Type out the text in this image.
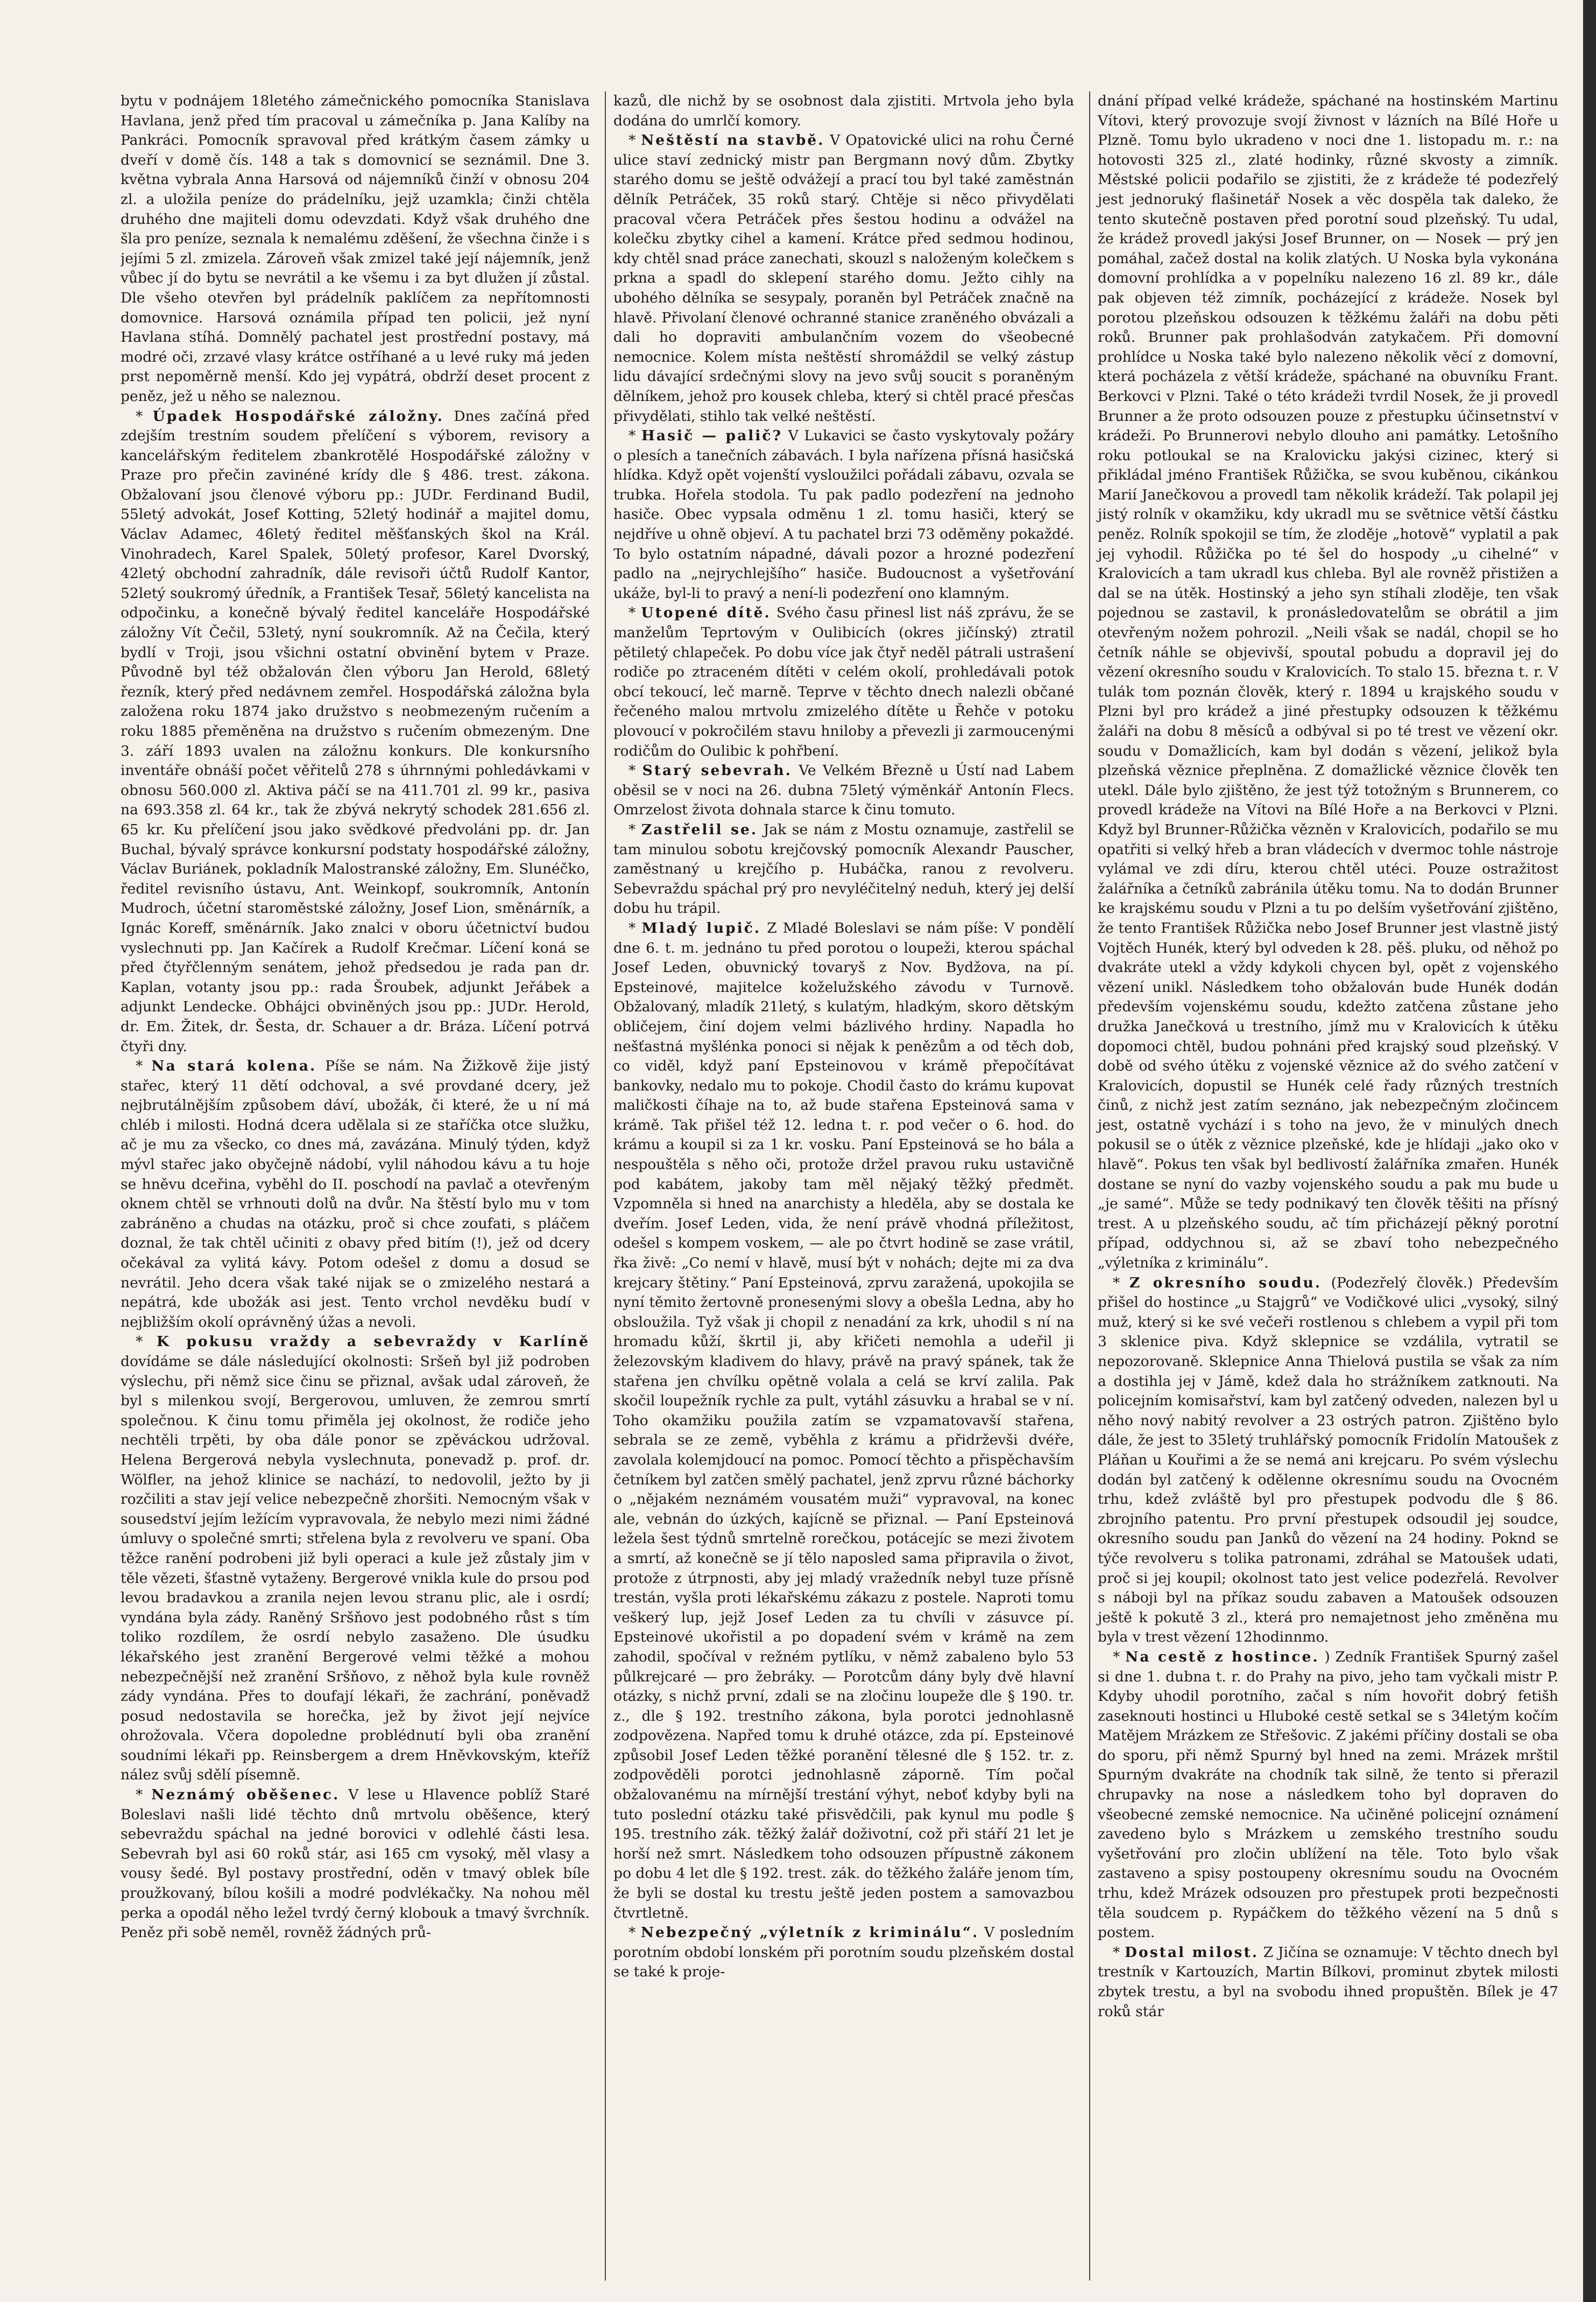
bytu v podnájem 18letého zámečnického pomocníka Stanislava Havlana, jenž před tím pracoval u zámečníka p. Jana Kalíby na Pankráci. Pomocník spravoval před krátkým časem zámky u dveří v domě čís. 148 a tak s domovnicí se seznámil. Dne 3. května vybrala Anna Harsová od nájemníků činží v obnosu 204 zl. a uložila peníze do prádelníku, jejž uzamkla; činži chtěla druhého dne majiteli domu odevzdati. Když však druhého dne šla pro peníze, seznala k nemalému zděšení, že všechna činže i s jejími 5 zl. zmizela. Zároveň však zmizel také její nájemník, jenž vůbec jí do bytu se nevrátil a ke všemu i za byt dlužen jí zůstal. Dle všeho otevřen byl prádelník paklíčem za nepřítomnosti domovnice. Harsová oznámila případ ten policii, jež nyní Havlana stíhá. Domnělý pachatel jest prostřední postavy, má modré oči, zrzavé vlasy krátce ostříhané a u levé ruky má jeden prst nepoměrně menší. Kdo jej vypátrá, obdrží deset procent z peněz, jež u něho se naleznou.

* Úpadek Hospodářské záložny. Dnes začíná před zdejším trestním soudem přelíčení s výborem, revisory a kancelářským ředitelem zbankrotělé Hospodářské záložny v Praze pro přečin zavinéné krídy dle § 486. trest. zákona. Obžalovaní jsou členové výboru pp.: JUDr. Ferdinand Budil, 55letý advokát, Josef Kotting, 52letý hodinář a majitel domu, Václav Adamec, 46letý ředitel měšťanských škol na Král. Vinohradech, Karel Spalek, 50letý profesor, Karel Dvorský, 42letý obchodní zahradník, dále revisoři účtů Rudolf Kantor, 52letý soukromý úředník, a František Tesař, 56letý kancelista na odpočinku, a konečně bývalý ředitel kanceláře Hospodářské záložny Vít Čečil, 53letý, nyní soukromník. Až na Čečila, který bydlí v Troji, jsou všichni ostatní obvinění bytem v Praze. Původně byl též obžalován člen výboru Jan Herold, 68letý řezník, který před nedávnem zemřel. Hospodářská záložna byla založena roku 1874 jako družstvo s neobmezeným ručením a roku 1885 přeměněna na družstvo s ručením obmezeným. Dne 3. září 1893 uvalen na záložnu konkurs. Dle konkursního inventáře obnáší počet věřitelů 278 s úhrnnými pohledávkami v obnosu 560.000 zl. Aktiva páčí se na 411.701 zl. 99 kr., pasiva na 693.358 zl. 64 kr., tak že zbývá nekrytý schodek 281.656 zl. 65 kr. Ku přelíčení jsou jako svědkové předvoláni pp. dr. Jan Buchal, bývalý správce konkursní podstaty hospodářské záložny, Václav Buriánek, pokladník Malostranské záložny, Em. Slunéčko, ředitel revisního ústavu, Ant. Weinkopf, soukromník, Antonín Mudroch, účetní staroměstské záložny, Josef Lion, směnárník, a Ignác Koreff, směnárník. Jako znalci v oboru účetnictví budou vyslechnuti pp. Jan Kačírek a Rudolf Krečmar. Líčení koná se před čtyřčlenným senátem, jehož předsedou je rada pan dr. Kaplan, votanty jsou pp.: rada Šroubek, adjunkt Jeřábek a adjunkt Lendecke. Obhájci obviněných jsou pp.: JUDr. Herold, dr. Em. Žitek, dr. Šesta, dr. Schauer a dr. Bráza. Líčení potrvá čtyři dny.

* Na stará kolena. Píše se nám. Na Žižkově žije jistý stařec, který 11 dětí odchoval, a své provdané dcery, jež nejbrutálnějším způsobem dáví, ubožák, či které, že u ní má chléb i milosti. Hodná dcera udělala si ze staříčka otce služku, ač je mu za všecko, co dnes má, zavázána. Minulý týden, když mývl stařec jako obyčejně nádobí, vylil náhodou kávu a tu hoje se hněvu dceřina, vyběhl do II. poschodí na pavlač a otevřeným oknem chtěl se vrhnouti dolů na dvůr. Na štěstí bylo mu v tom zabráněno a chudas na otázku, proč si chce zoufati, s pláčem doznal, že tak chtěl učiniti z obavy před bitím (!), jež od dcery očekával za vylitá kávy. Potom odešel z domu a dosud se nevrátil. Jeho dcera však také nijak se o zmizelého nestará a nepátrá, kde ubožák asi jest. Tento vrchol nevděku budí v nejbližším okolí oprávněný úžas a nevoli.

* K pokusu vraždy a sebevraždy v Karlíně dovídáme se dále následující okolnosti: Sršeň byl již podroben výslechu, při němž sice činu se přiznal, avšak udal zároveň, že byl s milenkou svojí, Bergerovou, umluven, že zemrou smrtí společnou. K činu tomu přiměla jej okolnost, že rodiče jeho nechtěli trpěti, by oba dále ponor se zpěváckou udržoval. Helena Bergerová nebyla vyslechnuta, ponevadž p. prof. dr. Wölfler, na jehož klinice se nachází, to nedovolil, ježto by ji rozčiliti a stav její velice nebezpečně zhoršiti. Nemocným však v sousedství jejím ležícím vypravovala, že nebylo mezi nimi žádné úmluvy o společné smrti; střelena byla z revolveru ve spaní. Oba těžce ranění podrobeni již byli operaci a kule jež zůstaly jim v těle vězeti, šťastně vytaženy. Bergerové vnikla kule do prsou pod levou bradavkou a zranila nejen levou stranu plic, ale i osrdí; vyndána byla zády. Raněný Sršňovo jest podobného růst s tím toliko rozdílem, že osrdí nebylo zasaženo. Dle úsudku lékařského jest zranění Bergerové velmi těžké a mohou nebezpečnější než zranění Sršňovo, z něhož byla kule rovněž zády vyndána. Přes to doufají lékaři, že zachrání, poněvadž posud nedostavila se horečka, jež by život její nejvíce ohrožovala. Včera dopoledne problédnutí byli oba zranění soudními lékaři pp. Reinsbergem a drem Hněvkovským, kteříž nález svůj sdělí písemně.

* Neznámý oběšenec. V lese u Hlavence poblíž Staré Boleslavi našli lidé těchto dnů mrtvolu oběšence, který sebevraždu spáchal na jedné borovici v odlehlé části lesa. Sebevrah byl asi 60 roků stár, asi 165 cm vysoký, měl vlasy a vousy šedé. Byl postavy prostřední, oděn v tmavý oblek bíle proužkovaný, bílou košili a modré podvlékačky. Na nohou měl perka a opodál něho ležel tvrdý černý klobouk a tmavý švrchník. Peněz při sobě neměl, rovněž žádných prů-

kazů, dle nichž by se osobnost dala zjistiti. Mrtvola jeho byla dodána do umrlčí komory.

* Neštěstí na stavbě. V Opatovické ulici na rohu Černé ulice staví zednický mistr pan Bergmann nový dům. Zbytky starého domu se ještě odvážejí a prací tou byl také zaměstnán dělník Petráček, 35 roků starý. Chtěje si něco přivydělati pracoval včera Petráček přes šestou hodinu a odvážel na kolečku zbytky cihel a kamení. Krátce před sedmou hodinou, kdy chtěl snad práce zanechati, skouzl s naloženým kolečkem s prkna a spadl do sklepení starého domu. Ježto cihly na ubohého dělníka se sesypaly, poraněn byl Petráček značně na hlavě. Přivolaní členové ochranné stanice zraněného obvázali a dali ho dopraviti ambulančním vozem do všeobecné nemocnice. Kolem místa neštěstí shromáždil se velký zástup lidu dávající srdečnými slovy na jevo svůj soucit s poraněným dělníkem, jehož pro kousek chleba, který si chtěl pracé přesčas přivydělati, stihlo tak velké neštěstí.

* Hasič — palič? V Lukavici se často vyskytovaly požáry o plesích a tanečních zábavách. I byla nařízena přísná hasičská hlídka. Když opět vojenští vysloužilci pořádali zábavu, ozvala se trubka. Hořela stodola. Tu pak padlo podezření na jednoho hasiče. Obec vypsala odměnu 1 zl. tomu hasiči, který se nejdříve u ohně objeví. A tu pachatel brzi 73 oděměny pokaždé. To bylo ostatním nápadné, dávali pozor a hrozné podezření padlo na „nejrychlejšího“ hasiče. Budoucnost a vyšetřování ukáže, byl-li to pravý a není-li podezření ono klamným.

* Utopené dítě. Svého času přinesl list náš zprávu, že se manželům Teprtovým v Oulibicích (okres jičínský) ztratil pětiletý chlapeček. Po dobu více jak čtyř neděl pátrali ustrašení rodiče po ztraceném dítěti v celém okolí, prohledávali potok obcí tekoucí, leč marně. Teprve v těchto dnech nalezli občané řečeného malou mrtvolu zmizelého dítěte u Řehče v potoku plovoucí v pokročilém stavu hniloby a převezli ji zarmoucenými rodičům do Oulibic k pohřbení.

* Starý sebevrah. Ve Velkém Březně u Ústí nad Labem oběsil se v noci na 26. dubna 75letý výměnkář Antonín Flecs. Omrzelost života dohnala starce k činu tomuto.

* Zastřelil se. Jak se nám z Mostu oznamuje, zastřelil se tam minulou sobotu krejčovský pomocník Alexandr Pauscher, zaměstnaný u krejčího p. Hubáčka, ranou z revolveru. Sebevraždu spáchal prý pro nevyléčitelný neduh, který jej delší dobu hu trápil.

* Mladý lupič. Z Mladé Boleslavi se nám píše: V pondělí dne 6. t. m. jednáno tu před porotou o loupeži, kterou spáchal Josef Leden, obuvnický tovaryš z Nov. Bydžova, na pí. Epsteinové, majitelce koželužského závodu v Turnově. Obžalovaný, mladík 21letý, s kulatým, hladkým, skoro dětským obličejem, činí dojem velmi bázlivého hrdiny. Napadla ho nešťastná myšlénka ponoci si nějak k penězům a od těch dob, co viděl, když paní Epsteinovou v krámě přepočítávat bankovky, nedalo mu to pokoje. Chodil často do krámu kupovat maličkosti číhaje na to, až bude stařena Epsteinová sama v krámě. Tak přišel též 12. ledna t. r. pod večer o 6. hod. do krámu a koupil si za 1 kr. vosku. Paní Epsteinová se ho bála a nespouštěla s něho oči, protože držel pravou ruku ustavičně pod kabátem, jakoby tam měl nějaký těžký předmět. Vzpomněla si hned na anarchisty a hleděla, aby se dostala ke dveřím. Josef Leden, vida, že není právě vhodná příležitost, odešel s kompem voskem, — ale po čtvrt hodině se zase vrátil, řka živě: „Co nemí v hlavě, musí být v nohách; dejte mi za dva krejcary štětiny.“ Paní Epsteinová, zprvu zaražená, upokojila se nyní těmito žertovně pronesenými slovy a obešla Ledna, aby ho obsloužila. Tyž však ji chopil z nenadání za krk, uhodil s ní na hromadu kůží, škrtil ji, aby křičeti nemohla a udeřil ji železovským kladivem do hlavy, právě na pravý spánek, tak že stařena jen chvílku opětně volala a celá se krví zalila. Pak skočil loupežník rychle za pult, vytáhl zásuvku a hrabal se v ní. Toho okamžiku použila zatím se vzpamatovavší stařena, sebrala se ze země, vyběhla z krámu a přidrževši dvéře, zavolala kolemjdoucí na pomoc. Pomocí těchto a přispěchavším četníkem byl zatčen smělý pachatel, jenž zprvu různé báchorky o „nějakém neznámém vousatém muži“ vypravoval, na konec ale, vebnán do úzkých, kajícně se přiznal. — Paní Epsteinová ležela šest týdnů smrtelně rorečkou, potácejíc se mezi životem a smrtí, až konečně se jí tělo naposled sama připravila o život, protože z útrpnosti, aby jej mladý vražedník nebyl tuze přísně trestán, vyšla proti lékařskému zákazu z postele. Naproti tomu veškerý lup, jejž Josef Leden za tu chvíli v zásuvce pí. Epsteinové ukořistil a po dopadení svém v krámě na zem zahodil, spočíval v režném pytlíku, v němž zabaleno bylo 53 půlkrejcaré — pro žebráky. — Porotcům dány byly dvě hlavní otázky, s nichž první, zdali se na zločinu loupeže dle § 190. tr. z., dle § 192. trestního zákona, byla porotci jednohlasně zodpovězena. Napřed tomu k druhé otázce, zda pí. Epsteinové způsobil Josef Leden těžké poranění tělesné dle § 152. tr. z. zodpověděli porotci jednohlasně záporně. Tím počal obžalovanému na mírnější trestání výhyt, neboť kdyby byli na tuto poslední otázku také přisvědčili, pak kynul mu podle § 195. trestního zák. těžký žalář doživotní, což při stáří 21 let je horší než smrt. Následkem toho odsouzen přípustně zákonem po dobu 4 let dle § 192. trest. zák. do těžkého žaláře jenom tím, že byli se dostal ku trestu ještě jeden postem a samovazbou čtvrtletně.

* Nebezpečný „výletník z kriminálu“. V posledním porotním období lonském při porotním soudu plzeňském dostal se také k proje-

dnání případ velké krádeže, spáchané na hostinském Martinu Vítovi, který provozuje svojí živnost v lázních na Bílé Hoře u Plzně. Tomu bylo ukradeno v noci dne 1. listopadu m. r.: na hotovosti 325 zl., zlaté hodinky, různé skvosty a zimník. Městské policii podařilo se zjistiti, že z krádeže té podezřelý jest jednoruký flašinetář Nosek a věc dospěla tak daleko, že tento skutečně postaven před porotní soud plzeňský. Tu udal, že krádež provedl jakýsi Josef Brunner, on — Nosek — prý jen pomáhal, začež dostal na kolik zlatých. U Noska byla vykonána domovní prohlídka a v popelníku nalezeno 16 zl. 89 kr., dále pak objeven též zimník, pocházející z krádeže. Nosek byl porotou plzeňskou odsouzen k těžkému žaláři na dobu pěti roků. Brunner pak prohlašodván zatykačem. Při domovní prohlídce u Noska také bylo nalezeno několik věcí z domovní, která pocházela z větší krádeže, spáchané na obuvníku Frant. Berkovci v Plzni. Také o této krádeži tvrdil Nosek, že ji provedl Brunner a že proto odsouzen pouze z přestupku účinsetnství v krádeži. Po Brunnerovi nebylo dlouho ani památky. Letošního roku potloukal se na Kralovicku jakýsi cizinec, který si přikládal jméno František Růžička, se svou kuběnou, cikánkou Marií Janečkovou a provedl tam několik krádeží. Tak polapil jej jistý rolník v okamžiku, kdy ukradl mu se světnice větší částku peněz. Rolník spokojil se tím, že zloděje „hotově“ vyplatil a pak jej vyhodil. Růžička po té šel do hospody „u cihelné“ v Kralovicích a tam ukradl kus chleba. Byl ale rovněž přistižen a dal se na útěk. Hostinský a jeho syn stíhali zloděje, ten však pojednou se zastavil, k pronásledovatelům se obrátil a jim otevřeným nožem pohrozil. „Neili však se nadál, chopil se ho četník náhle se objevivší, spoutal pobudu a dopravil jej do vězení okresního soudu v Kralovicích. To stalo 15. března t. r. V tulák tom poznán člověk, který r. 1894 u krajského soudu v Plzni byl pro krádež a jiné přestupky odsouzen k těžkému žaláři na dobu 8 měsíců a odbýval si po té trest ve vězení okr. soudu v Domažlicích, kam byl dodán s vězení, jelikož byla plzeňská věznice přeplněna. Z domažlické věznice člověk ten utekl. Dále bylo zjištěno, že jest týž totožným s Brunnerem, co provedl krádeže na Vítovi na Bílé Hoře a na Berkovci v Plzni. Když byl Brunner-Růžička vězněn v Kralovicích, podařilo se mu opatřiti si velký hřeb a bran vládecích v dvermoc tohle nástroje vylámal ve zdi díru, kterou chtěl utéci. Pouze ostražitost žalářníka a četníků zabránila útěku tomu. Na to dodán Brunner ke krajskému soudu v Plzni a tu po delším vyšetřování zjištěno, že tento František Růžička nebo Josef Brunner jest vlastně jistý Vojtěch Hunék, který byl odveden k 28. pěš. pluku, od něhož po dvakráte utekl a vždy kdykoli chycen byl, opět z vojenského vězení unikl. Následkem toho obžalován bude Hunék dodán především vojenskému soudu, kdežto zatčena zůstane jeho družka Janečková u trestního, jímž mu v Kralovicích k útěku dopomoci chtěl, budou pohnáni před krajský soud plzeňský. V době od svého útěku z vojenské věznice až do svého zatčení v Kralovicích, dopustil se Hunék celé řady různých trestních činů, z nichž jest zatím seznáno, jak nebezpečným zločincem jest, ostatně vychází i s toho na jevo, že v minulých dnech pokusil se o útěk z věznice plzeňské, kde je hlídaji „jako oko v hlavě“. Pokus ten však byl bedlivostí žalářníka zmařen. Hunék dostane se nyní do vazby vojenského soudu a pak mu bude u „je samé“. Může se tedy podnikavý ten člověk těšiti na přísný trest. A u plzeňského soudu, ač tím přicházejí pěkný porotní případ, oddychnou si, až se zbaví toho nebezpečného „výletníka z kriminálu“.

* Z okresního soudu. (Podezřelý člověk.) Především přišel do hostince „u Stajgrů“ ve Vodičkové ulici „vysoký, silný muž, který si ke své večeři rostlenou s chlebem a vypil při tom 3 sklenice piva. Když sklepnice se vzdálila, vytratil se nepozorovaně. Sklepnice Anna Thielová pustila se však za ním a dostihla jej v Jámě, kdež dala ho strážníkem zatknouti. Na policejním komisařství, kam byl zatčený odveden, nalezen byl u něho nový nabitý revolver a 23 ostrých patron. Zjištěno bylo dále, že jest to 35letý truhlářský pomocník Fridolín Matoušek z Pláňan u Kouřimi a že se nemá ani krejcaru. Po svém výslechu dodán byl zatčený k odělenne okresnímu soudu na Ovocném trhu, kdež zvláště byl pro přestupek podvodu dle § 86. zbrojního patentu. Pro první přestupek odsoudil jej soudce, okresního soudu pan Janků do vězení na 24 hodiny. Poknd se týče revolveru s tolika patronami, zdráhal se Matoušek udati, proč si jej koupil; okolnost tato jest velice podezřelá. Revolver s náboji byl na příkaz soudu zabaven a Matoušek odsouzen ještě k pokutě 3 zl., která pro nemajetnost jeho změněna mu byla v trest vězení 12hodinnmo.

* Na cestě z hostince. ) Zedník František Spurný zašel si dne 1. dubna t. r. do Prahy na pivo, jeho tam vyčkali mistr P. Kdyby uhodil porotního, začal s ním hovořit dobrý fetišh zaseknouti hostinci u Hluboké cestě setkal se s 34letým kočím Matějem Mrázkem ze Střešovic. Z jakémi příčiny dostali se oba do sporu, při němž Spurný byl hned na zemi. Mrázek mrštil Spurným dvakráte na chodník tak silně, že tento si přerazil chrupavky na nose a následkem toho byl dopraven do všeobecné zemské nemocnice. Na učiněné policejní oznámení zavedeno bylo s Mrázkem u zemského trestního soudu vyšetřování pro zločin ublížení na těle. Toto bylo však zastaveno a spisy postoupeny okresnímu soudu na Ovocném trhu, kdež Mrázek odsouzen pro přestupek proti bezpečnosti těla soudcem p. Rypáčkem do těžkého vězení na 5 dnů s postem.

* Dostal milost. Z Jičína se oznamuje: V těchto dnech byl trestník v Kartouzích, Martin Bílkovi, prominut zbytek milosti zbytek trestu, a byl na svobodu ihned propuštěn. Bílek je 47 roků stár
